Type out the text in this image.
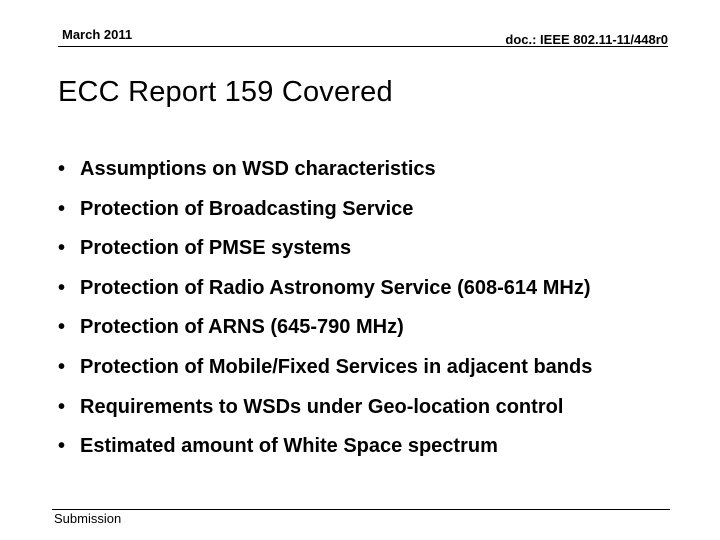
March 2011	doc.: IEEE 802.11-11/448r0
ECC Report 159 Covered
• Assumptions on WSD characteristics
• Protection of Broadcasting Service
• Protection of PMSE systems
• Protection of Radio Astronomy Service (608-614 MHz)
• Protection of ARNS (645-790 MHz)
• Protection of Mobile/Fixed Services in adjacent bands
• Requirements to WSDs under Geo-location control
• Estimated amount of White Space spectrum
Submission
